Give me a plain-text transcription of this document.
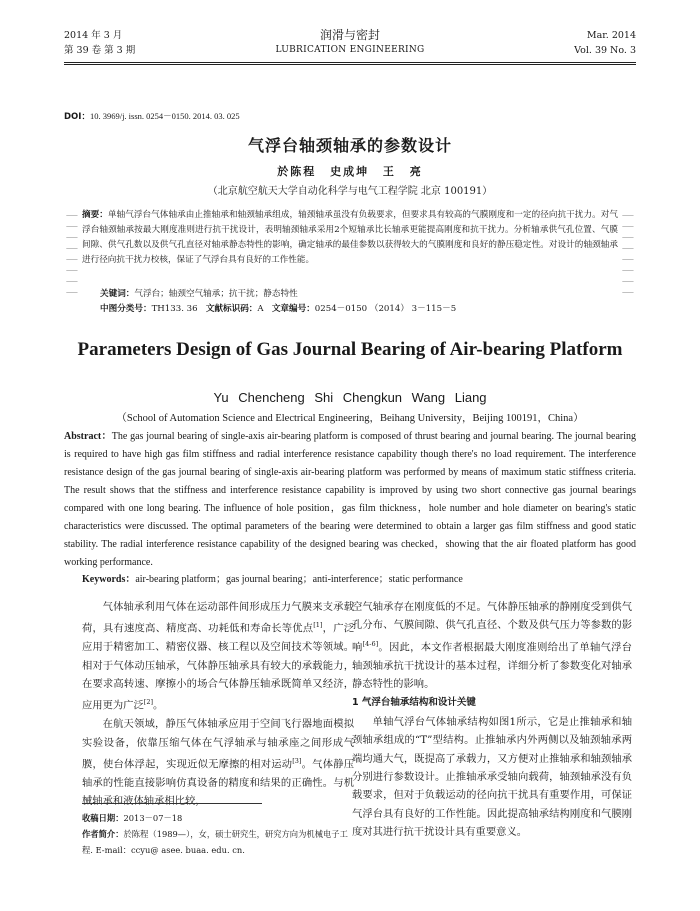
2014 年 3 月
第 39 卷 第 3 期
润滑与密封
LUBRICATION ENGINEERING
Mar. 2014
Vol. 39 No. 3
DOI：10. 3969/j. issn. 0254－0150. 2014. 03. 025
气浮台轴颈轴承的参数设计
於陈程 史成坤 王 亮
（北京航空航天大学自动化科学与电气工程学院 北京 100191）
⸺
⸺
⸺
⸺
⸺
⸺
⸺
⸺
⸺
⸺
⸺
⸺
⸺
⸺
⸺
⸺
摘要：单轴气浮台气体轴承由止推轴承和轴颈轴承组成，轴颈轴承虽没有负载要求，但要求具有较高的气膜刚度和一定的径向抗干扰力。对气浮台轴颈轴承按最大刚度准则进行抗干扰设计，表明轴颈轴承采用2个短轴承比长轴承更能提高刚度和抗干扰力。分析轴承供气孔位置、气膜间隙、供气孔数以及供气孔直径对轴承静态特性的影响，确定轴承的最佳参数以获得较大的气膜刚度和良好的静压稳定性。对设计的轴颈轴承进行径向抗干扰力校核，保证了气浮台具有良好的工作性能。
关键词：气浮台；轴颈空气轴承；抗干扰；静态特性
中图分类号：TH133. 36 文献标识码：A 文章编号：0254－0150 （2014） 3－115－5
Parameters Design of Gas Journal Bearing of Air-bearing Platform
Yu Chencheng Shi Chengkun Wang Liang
（School of Automation Science and Electrical Engineering，Beihang University，Beijing 100191，China）
Abstract：The gas journal bearing of single-axis air-bearing platform is composed of thrust bearing and journal bearing. The journal bearing is required to have high gas film stiffness and radial interference resistance capability though there's no load requirement. The interference resistance design of the gas journal bearing of single-axis air-bearing platform was performed by means of maximum static stiffness criteria. The result shows that the stiffness and interference resistance capability is improved by using two short connective gas journal bearings compared with one long bearing. The influence of hole position，gas film thickness，hole number and hole diameter on bearing's static characteristics were discussed. The optimal parameters of the bearing were determined to obtain a larger gas film stiffness and good static stability. The radial interference resistance capability of the designed bearing was checked，showing that the air floated platform has good working performance.
Keywords：air-bearing platform；gas journal bearing；anti-interference；static performance

气体轴承利用气体在运动部件间形成压力气膜来支承载荷，具有速度高、精度高、功耗低和寿命长等优点[1]，广泛应用于精密加工、精密仪器、核工程以及空间技术等领域。相对于气体动压轴承，气体静压轴承具有较大的承载能力，在要求高转速、摩擦小的场合气体静压轴承既简单又经济，应用更为广泛[2]。

在航天领域，静压气体轴承应用于空间飞行器地面模拟实验设备，依靠压缩气体在气浮轴承与轴承座之间形成气膜，使台体浮起，实现近似无摩擦的相对运动[3]。气体静压轴承的性能直接影响仿真设备的精度和结果的正确性。与机械轴承和液体轴承相比较，

空气轴承存在刚度低的不足。气体静压轴承的静刚度受到供气孔分布、气膜间隙、供气孔直径、个数及供气压力等参数的影响[4-6]。因此，本文作者根据最大刚度准则给出了单轴气浮台轴颈轴承抗干扰设计的基本过程，详细分析了参数变化对轴承静态特性的影响。

1 气浮台轴承结构和设计关键

单轴气浮台气体轴承结构如图1所示，它是止推轴承和轴颈轴承组成的“T”型结构。止推轴承内外两侧以及轴颈轴承两端均通大气，既提高了承载力，又方便对止推轴承和轴颈轴承分别进行参数设计。止推轴承承受轴向载荷，轴颈轴承没有负载要求，但对于负载运动的径向抗干扰具有重要作用，可保证气浮台具有良好的工作性能。因此提高轴承结构刚度和气膜刚度对其进行抗干扰设计具有重要意义。

收稿日期：2013－07－18
作者简介：於陈程（1989—），女，硕士研究生，研究方向为机械电子工程. E-mail：ccyu@ asee. buaa. edu. cn.
